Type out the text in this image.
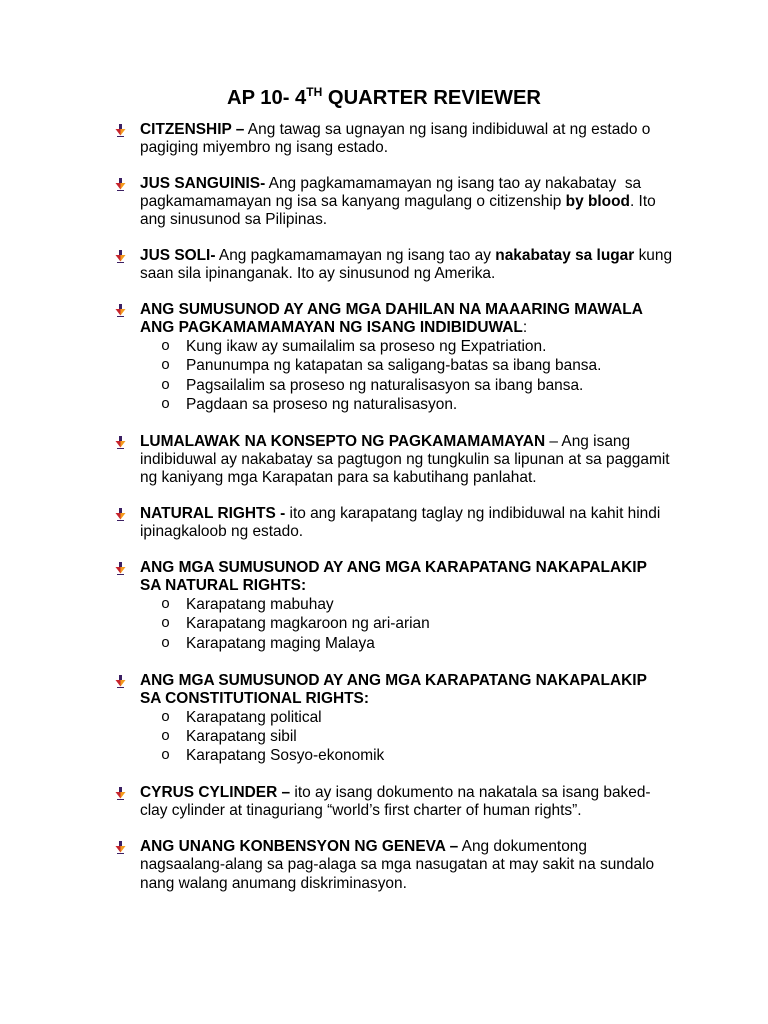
AP 10- 4TH QUARTER REVIEWER
CITZENSHIP – Ang tawag sa ugnayan ng isang indibiduwal at ng estado o
pagiging miyembro ng isang estado.
JUS SANGUINIS- Ang pagkamamamayan ng isang tao ay nakabatay  sa
pagkamamamayan ng isa sa kanyang magulang o citizenship by blood. Ito
ang sinusunod sa Pilipinas.
JUS SOLI- Ang pagkamamamayan ng isang tao ay nakabatay sa lugar kung
saan sila ipinanganak. Ito ay sinusunod ng Amerika.
ANG SUMUSUNOD AY ANG MGA DAHILAN NA MAAARING MAWALA
ANG PAGKAMAMAMAYAN NG ISANG INDIBIDUWAL:
o Kung ikaw ay sumailalim sa proseso ng Expatriation.
o Panunumpa ng katapatan sa saligang-batas sa ibang bansa.
o Pagsailalim sa proseso ng naturalisasyon sa ibang bansa.
o Pagdaan sa proseso ng naturalisasyon.
LUMALAWAK NA KONSEPTO NG PAGKAMAMAMAYAN – Ang isang
indibiduwal ay nakabatay sa pagtugon ng tungkulin sa lipunan at sa paggamit
ng kaniyang mga Karapatan para sa kabutihang panlahat.
NATURAL RIGHTS - ito ang karapatang taglay ng indibiduwal na kahit hindi
ipinagkaloob ng estado.
ANG MGA SUMUSUNOD AY ANG MGA KARAPATANG NAKAPALAKIP
SA NATURAL RIGHTS:
o Karapatang mabuhay
o Karapatang magkaroon ng ari-arian
o Karapatang maging Malaya
ANG MGA SUMUSUNOD AY ANG MGA KARAPATANG NAKAPALAKIP
SA CONSTITUTIONAL RIGHTS:
o Karapatang political
o Karapatang sibil
o Karapatang Sosyo-ekonomik
CYRUS CYLINDER – ito ay isang dokumento na nakatala sa isang baked-
clay cylinder at tinaguriang “world’s first charter of human rights”.
ANG UNANG KONBENSYON NG GENEVA – Ang dokumentong
nagsaalang-alang sa pag-alaga sa mga nasugatan at may sakit na sundalo
nang walang anumang diskriminasyon.
